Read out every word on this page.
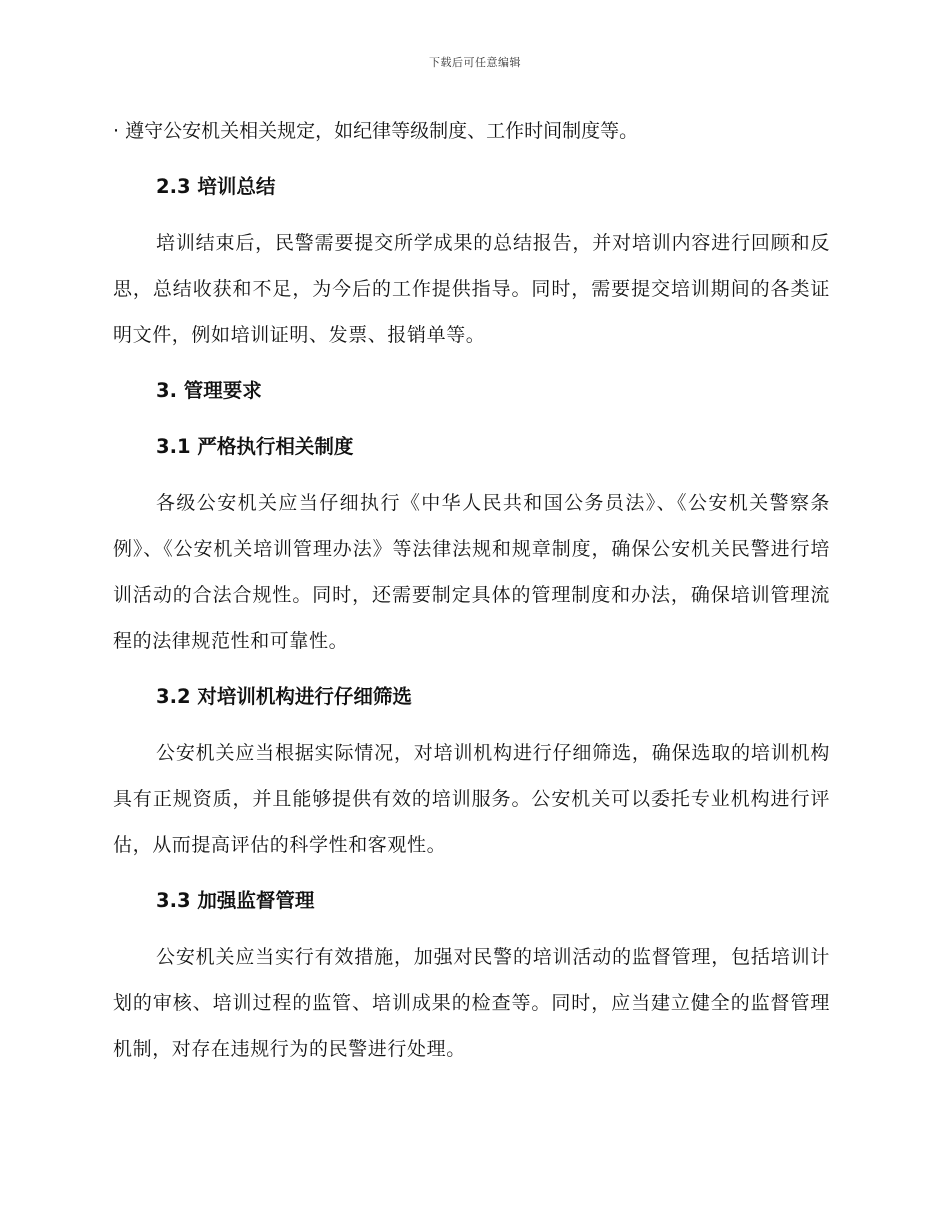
下载后可任意编辑

· 遵守公安机关相关规定，如纪律等级制度、工作时间制度等。

2.3 培训总结

培训结束后，民警需要提交所学成果的总结报告，并对培训内容进行回顾和反思，总结收获和不足，为今后的工作提供指导。同时，需要提交培训期间的各类证明文件，例如培训证明、发票、报销单等。

3. 管理要求
3.1 严格执行相关制度

各级公安机关应当仔细执行《中华人民共和国公务员法》、《公安机关警察条例》、《公安机关培训管理办法》等法律法规和规章制度，确保公安机关民警进行培训活动的合法合规性。同时，还需要制定具体的管理制度和办法，确保培训管理流程的法律规范性和可靠性。

3.2 对培训机构进行仔细筛选

公安机关应当根据实际情况，对培训机构进行仔细筛选，确保选取的培训机构具有正规资质，并且能够提供有效的培训服务。公安机关可以委托专业机构进行评估，从而提高评估的科学性和客观性。

3.3 加强监督管理

公安机关应当实行有效措施，加强对民警的培训活动的监督管理，包括培训计划的审核、培训过程的监管、培训成果的检查等。同时，应当建立健全的监督管理机制，对存在违规行为的民警进行处理。
